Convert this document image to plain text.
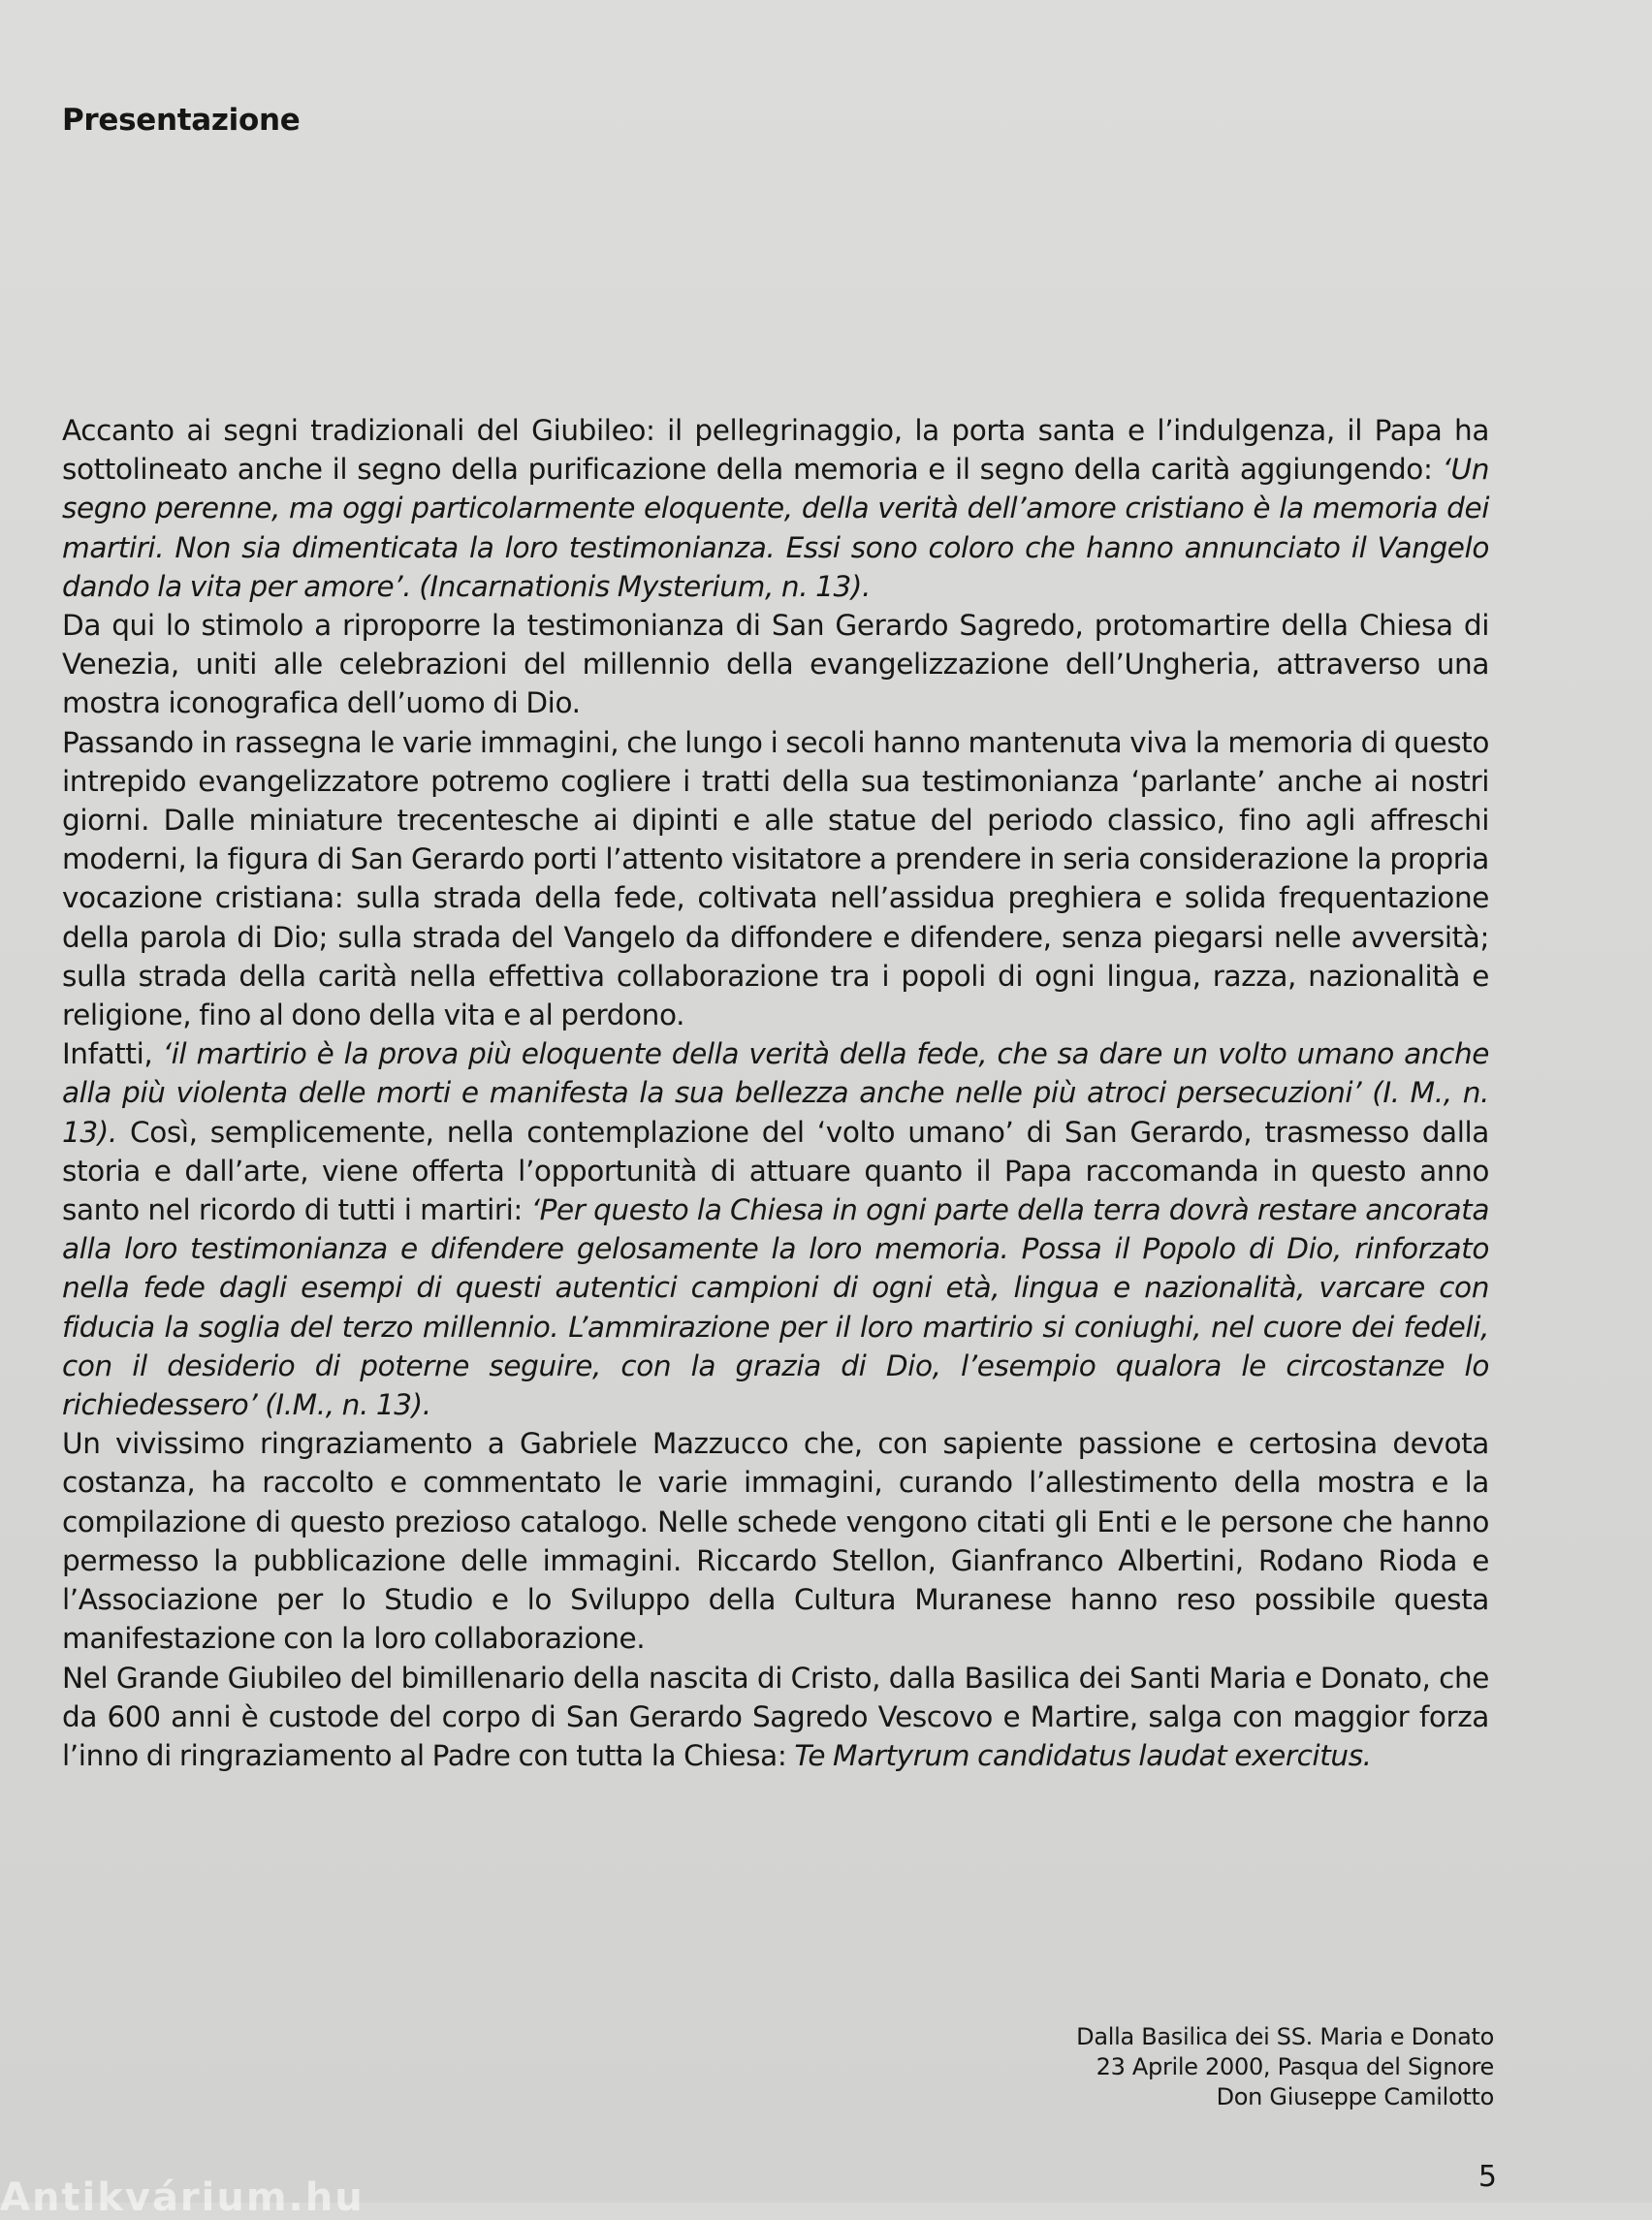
Presentazione

Accanto ai segni tradizionali del Giubileo: il pellegrinaggio, la porta santa e l’indulgenza, il Papa ha sottolineato anche il segno della purificazione della memoria e il segno della carità aggiungendo: ‘Un segno perenne, ma oggi particolarmente eloquente, della verità dell’amore cristiano è la memoria dei martiri. Non sia dimenticata la loro testimonianza. Essi sono coloro che hanno annunciato il Vangelo dando la vita per amore’. (Incarnationis Mysterium, n. 13).

Da qui lo stimolo a riproporre la testimonianza di San Gerardo Sagredo, protomartire della Chiesa di Venezia, uniti alle celebrazioni del millennio della evangelizzazione dell’Ungheria, attraverso una mostra iconografica dell’uomo di Dio.

Passando in rassegna le varie immagini, che lungo i secoli hanno mantenuta viva la memoria di questo intrepido evangelizzatore potremo cogliere i tratti della sua testimonianza ‘parlante’ anche ai nostri giorni. Dalle miniature trecentesche ai dipinti e alle statue del periodo classico, fino agli affreschi moderni, la figura di San Gerardo porti l’attento visitatore a prendere in seria considerazione la propria vocazione cristiana: sulla strada della fede, coltivata nell’assidua preghiera e solida frequentazione della parola di Dio; sulla strada del Vangelo da diffondere e difendere, senza piegarsi nelle avversità; sulla strada della carità nella effettiva collaborazione tra i popoli di ogni lingua, razza, nazionalità e religione, fino al dono della vita e al perdono.

Infatti, ‘il martirio è la prova più eloquente della verità della fede, che sa dare un volto umano anche alla più violenta delle morti e manifesta la sua bellezza anche nelle più atroci persecuzioni’ (I. M., n. 13). Così, semplicemente, nella contemplazione del ‘volto umano’ di San Gerardo, trasmesso dalla storia e dall’arte, viene offerta l’opportunità di attuare quanto il Papa raccomanda in questo anno santo nel ricordo di tutti i martiri: ‘Per questo la Chiesa in ogni parte della terra dovrà restare ancorata alla loro testimonianza e difendere gelosamente la loro memoria. Possa il Popolo di Dio, rinforzato nella fede dagli esempi di questi autentici campioni di ogni età, lingua e nazionalità, varcare con fiducia la soglia del terzo millennio. L’ammirazione per il loro martirio si coniughi, nel cuore dei fedeli, con il desiderio di poterne seguire, con la grazia di Dio, l’esempio qualora le circostanze lo richiedessero’ (I.M., n. 13).

Un vivissimo ringraziamento a Gabriele Mazzucco che, con sapiente passione e certosina devota costanza, ha raccolto e commentato le varie immagini, curando l’allestimento della mostra e la compilazione di questo prezioso catalogo. Nelle schede vengono citati gli Enti e le persone che hanno permesso la pubblicazione delle immagini. Riccardo Stellon, Gianfranco Albertini, Rodano Rioda e l’Associazione per lo Studio e lo Sviluppo della Cultura Muranese hanno reso possibile questa manifestazione con la loro collaborazione.

Nel Grande Giubileo del bimillenario della nascita di Cristo, dalla Basilica dei Santi Maria e Donato, che da 600 anni è custode del corpo di San Gerardo Sagredo Vescovo e Martire, salga con maggior forza l’inno di ringraziamento al Padre con tutta la Chiesa: Te Martyrum candidatus laudat exercitus.

Dalla Basilica dei SS. Maria e Donato
23 Aprile 2000, Pasqua del Signore
Don Giuseppe Camilotto
5
Antikvárium.hu
